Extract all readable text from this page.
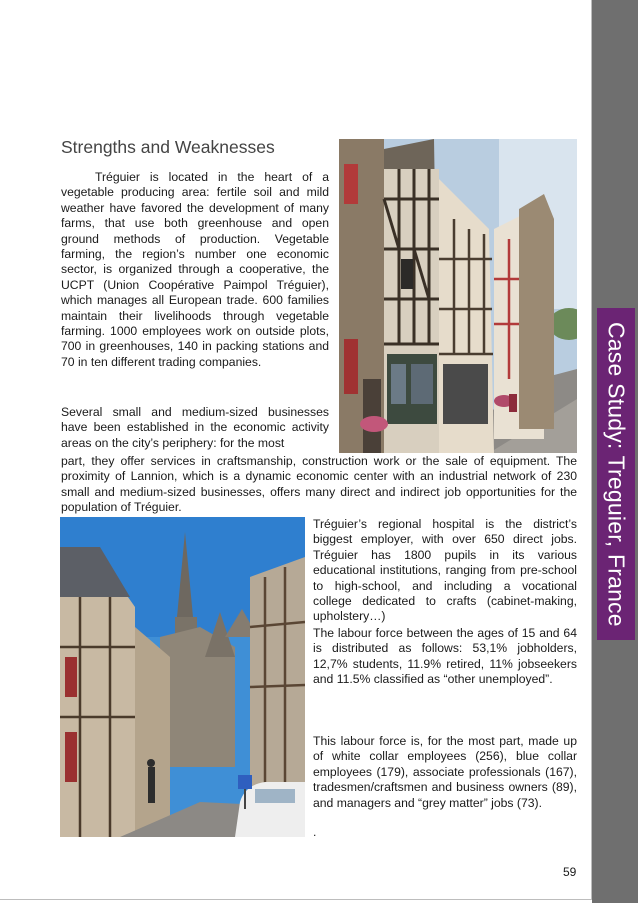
Case Study: Treguier, France
Strengths and Weaknesses

Tréguier is located in the heart of a vegetable producing area: fertile soil and mild weather have favored the development of many farms, that use both greenhouse and open ground methods of production. Vegetable farming, the region’s number one economic sector, is organized through a cooperative, the UCPT (Union Coopérative Paimpol Tréguier), which manages all European trade. 600 families maintain their livelihoods through vegetable farming. 1000 employees work on outside plots, 700 in greenhouses, 140 in packing stations and 70 in ten different trading companies.

Several small and medium-sized businesses have been established in the economic activity areas on the city’s periphery: for the most

part, they offer services in craftsmanship, construction work or the sale of equipment. The proximity of Lannion, which is a dynamic economic center with an industrial network of 230 small and medium-sized businesses, offers many direct and indirect job opportunities for the population of Tréguier.

Tréguier’s regional hospital is the district’s biggest employer, with over 650 direct jobs. Tréguier has 1800 pupils in its various educational institutions, ranging from pre-school to high-school, and including a vocational college dedicated to crafts (cabinet-making, upholstery…)

The labour force between the ages of 15 and 64 is distributed as follows: 53,1% jobholders, 12,7% students, 11.9% retired, 11% jobseekers and 11.5% classified as “other unemployed”.

This labour force is, for the most part, made up of white collar employees (256), blue collar employees (179), associate professionals (167), tradesmen/craftsmen and business owners (89), and managers and “grey matter” jobs (73).

.

59
